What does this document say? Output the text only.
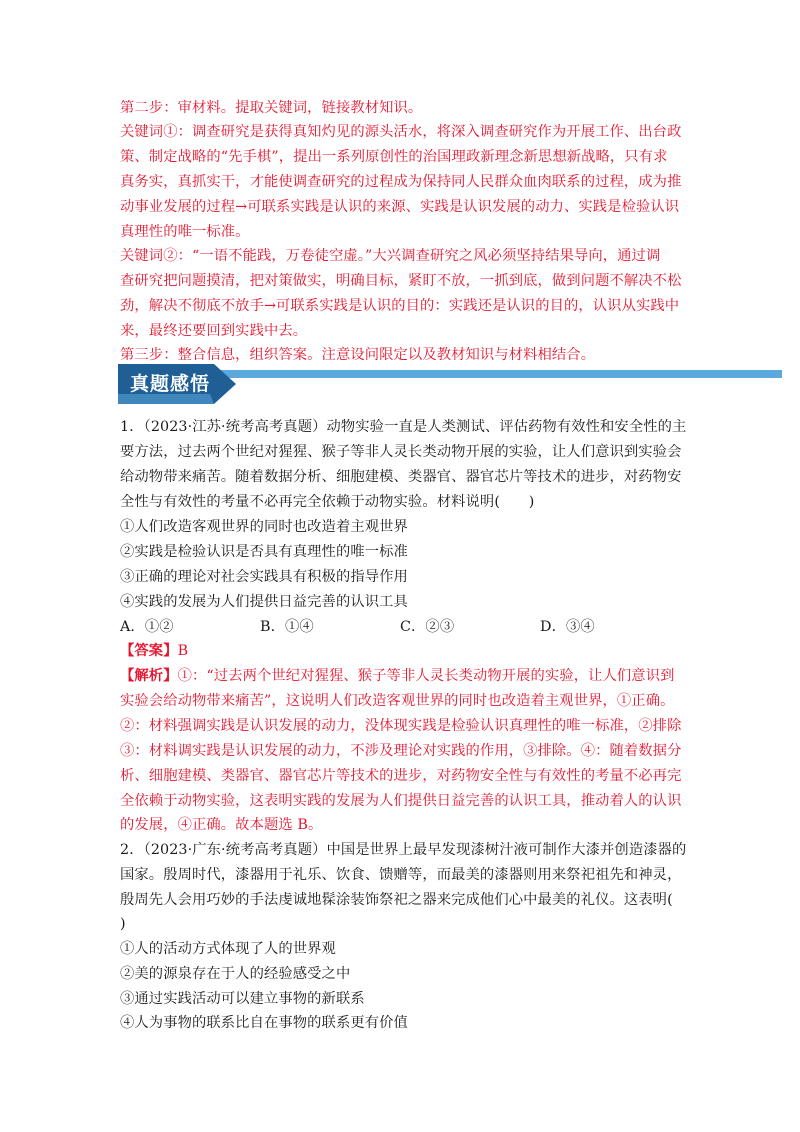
第二步：审材料。提取关键词，链接教材知识。
关键词①：调查研究是获得真知灼见的源头活水，将深入调查研究作为开展工作、出台政
策、制定战略的“先手棋”，提出一系列原创性的治国理政新理念新思想新战略，只有求
真务实，真抓实干，才能使调查研究的过程成为保持同人民群众血肉联系的过程，成为推
动事业发展的过程→可联系实践是认识的来源、实践是认识发展的动力、实践是检验认识
真理性的唯一标准。
关键词②：“一语不能践，万卷徒空虚。”大兴调查研究之风必须坚持结果导向，通过调
查研究把问题摸清，把对策做实，明确目标，紧盯不放，一抓到底，做到问题不解决不松
劲，解决不彻底不放手→可联系实践是认识的目的：实践还是认识的目的，认识从实践中
来，最终还要回到实践中去。
第三步：整合信息，组织答案。注意设问限定以及教材知识与材料相结合。
真题感悟
1．（2023·江苏·统考高考真题）动物实验一直是人类测试、评估药物有效性和安全性的主
要方法，过去两个世纪对猩猩、猴子等非人灵长类动物开展的实验，让人们意识到实验会
给动物带来痛苦。随着数据分析、细胞建模、类器官、器官芯片等技术的进步，对药物安
全性与有效性的考量不必再完全依赖于动物实验。材料说明(　　)
①人们改造客观世界的同时也改造着主观世界
②实践是检验认识是否具有真理性的唯一标准
③正确的理论对社会实践具有积极的指导作用
④实践的发展为人们提供日益完善的认识工具
A．①②	B．①④	C．②③	D．③④
【答案】B
【解析】①：“过去两个世纪对猩猩、猴子等非人灵长类动物开展的实验，让人们意识到
实验会给动物带来痛苦”，这说明人们改造客观世界的同时也改造着主观世界，①正确。
②：材料强调实践是认识发展的动力，没体现实践是检验认识真理性的唯一标准，②排除
③：材料调实践是认识发展的动力，不涉及理论对实践的作用，③排除。④：随着数据分
析、细胞建模、类器官、器官芯片等技术的进步，对药物安全性与有效性的考量不必再完
全依赖于动物实验，这表明实践的发展为人们提供日益完善的认识工具，推动着人的认识
的发展，④正确。故本题选 B。
2．（2023·广东·统考高考真题）中国是世界上最早发现漆树汁液可制作大漆并创造漆器的
国家。殷周时代，漆器用于礼乐、饮食、馈赠等，而最美的漆器则用来祭祀祖先和神灵，
殷周先人会用巧妙的手法虔诚地髹涂装饰祭祀之器来完成他们心中最美的礼仪。这表明(
)
①人的活动方式体现了人的世界观
②美的源泉存在于人的经验感受之中
③通过实践活动可以建立事物的新联系
④人为事物的联系比自在事物的联系更有价值
